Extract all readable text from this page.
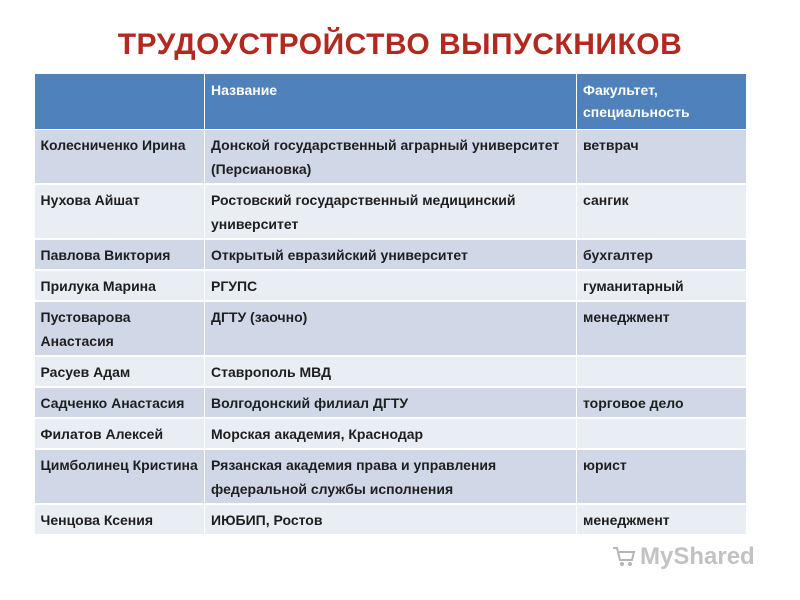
ТРУДОУСТРОЙСТВО ВЫПУСКНИКОВ
	Название	Факультет, специальность
Колесниченко Ирина	Донской государственный аграрный университет (Персиановка)	ветврач
Нухова Айшат	Ростовский государственный медицинский университет	сангик
Павлова Виктория	Открытый евразийский университет	бухгалтер
Прилука Марина	РГУПС	гуманитарный
Пустоварова Анастасия	ДГТУ (заочно)	менеджмент
Расуев Адам	Ставрополь МВД	
Садченко Анастасия	Волгодонский филиал ДГТУ	торговое дело
Филатов Алексей	Морская академия, Краснодар	
Цимболинец Кристина	Рязанская академия права и управления федеральной службы исполнения	юрист
Ченцова Ксения	ИЮБИП, Ростов	менеджмент
MyShared
